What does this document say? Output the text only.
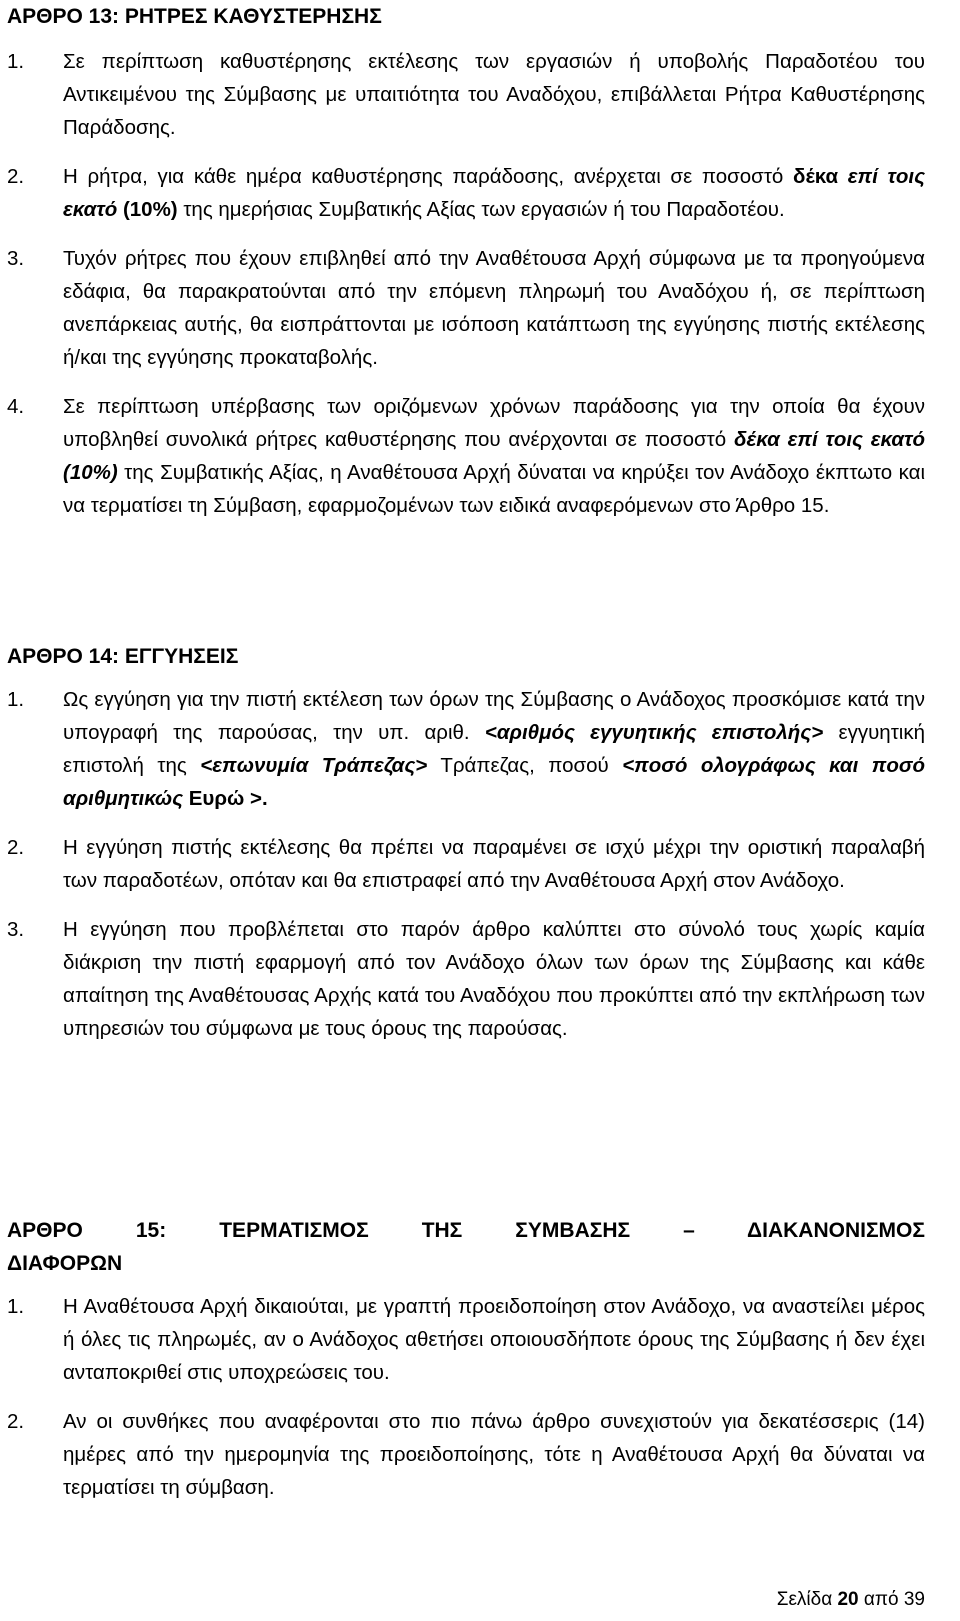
ΑΡΘΡΟ 13: ΡΗΤΡΕΣ ΚΑΘΥΣΤΕΡΗΣΗΣ

1. Σε περίπτωση καθυστέρησης εκτέλεσης των εργασιών ή υποβολής Παραδοτέου του Αντικειμένου της Σύμβασης με υπαιτιότητα του Αναδόχου, επιβάλλεται Ρήτρα Καθυστέρησης Παράδοσης.

2. Η ρήτρα, για κάθε ημέρα καθυστέρησης παράδοσης, ανέρχεται σε ποσοστό δέκα επί τοις εκατό (10%) της ημερήσιας Συμβατικής Αξίας των εργασιών ή του Παραδοτέου.

3. Τυχόν ρήτρες που έχουν επιβληθεί από την Αναθέτουσα Αρχή σύμφωνα με τα προηγούμενα εδάφια, θα παρακρατούνται από την επόμενη πληρωμή του Αναδόχου ή, σε περίπτωση ανεπάρκειας αυτής, θα εισπράττονται με ισόποση κατάπτωση της εγγύησης πιστής εκτέλεσης ή/και της εγγύησης προκαταβολής.

4. Σε περίπτωση υπέρβασης των οριζόμενων χρόνων παράδοσης για την οποία θα έχουν υποβληθεί συνολικά ρήτρες καθυστέρησης που ανέρχονται σε ποσοστό δέκα επί τοις εκατό (10%) της Συμβατικής Αξίας, η Αναθέτουσα Αρχή δύναται να κηρύξει τον Ανάδοχο έκπτωτο και να τερματίσει τη Σύμβαση, εφαρμοζομένων των ειδικά αναφερόμενων στο Άρθρο 15.

ΑΡΘΡΟ 14: ΕΓΓΥΗΣΕΙΣ

1. Ως εγγύηση για την πιστή εκτέλεση των όρων της Σύμβασης ο Ανάδοχος προσκόμισε κατά την υπογραφή της παρούσας, την υπ. αριθ. <αριθμός εγγυητικής επιστολής> εγγυητική επιστολή της <επωνυμία Τράπεζας> Τράπεζας, ποσού <ποσό ολογράφως και ποσό αριθμητικώς Ευρώ >.

2. Η εγγύηση πιστής εκτέλεσης θα πρέπει να παραμένει σε ισχύ μέχρι την οριστική παραλαβή των παραδοτέων, οπόταν και θα επιστραφεί από την Αναθέτουσα Αρχή στον Ανάδοχο.

3. Η εγγύηση που προβλέπεται στο παρόν άρθρο καλύπτει στο σύνολό τους χωρίς καμία διάκριση την πιστή εφαρμογή από τον Ανάδοχο όλων των όρων της Σύμβασης και κάθε απαίτηση της Αναθέτουσας Αρχής κατά του Αναδόχου που προκύπτει από την εκπλήρωση των υπηρεσιών του σύμφωνα με τους όρους της παρούσας.

ΑΡΘΡΟ 15: ΤΕΡΜΑΤΙΣΜΟΣ ΤΗΣ ΣΥΜΒΑΣΗΣ – ΔΙΑΚΑΝΟΝΙΣΜΟΣ

ΔΙΑΦΟΡΩΝ

1. Η Αναθέτουσα Αρχή δικαιούται, με γραπτή προειδοποίηση στον Ανάδοχο, να αναστείλει μέρος ή όλες τις πληρωμές, αν ο Ανάδοχος αθετήσει οποιουσδήποτε όρους της Σύμβασης ή δεν έχει ανταποκριθεί στις υποχρεώσεις του.

2. Αν οι συνθήκες που αναφέρονται στο πιο πάνω άρθρο συνεχιστούν για δεκατέσσερις (14) ημέρες από την ημερομηνία της προειδοποίησης, τότε η Αναθέτουσα Αρχή θα δύναται να τερματίσει τη σύμβαση.

Σελίδα 20 από 39
